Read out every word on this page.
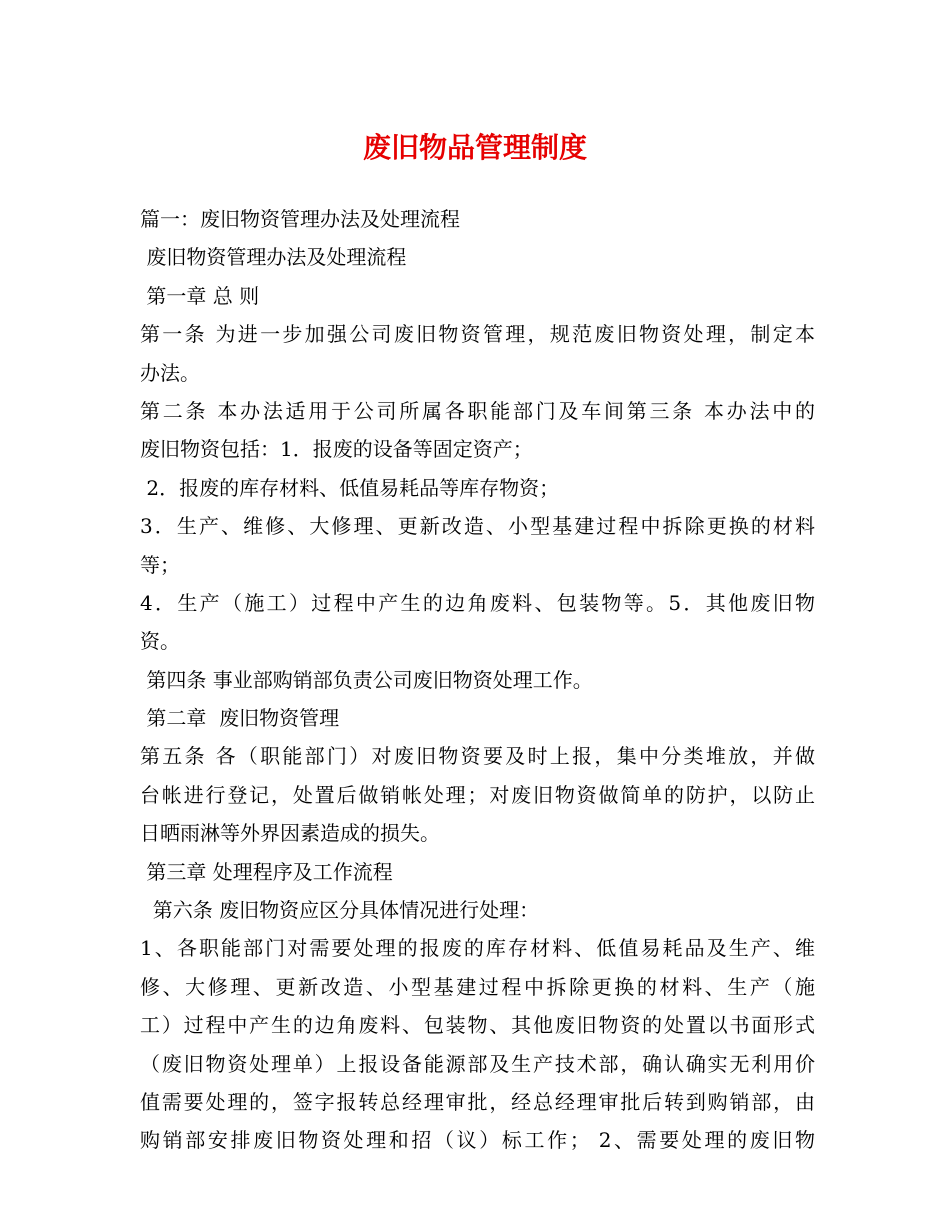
废旧物品管理制度
篇一：废旧物资管理办法及处理流程
废旧物资管理办法及处理流程
第一章 总 则
第一条 为进一步加强公司废旧物资管理，规范废旧物资处理，制定本
办法。
第二条 本办法适用于公司所属各职能部门及车间第三条 本办法中的
废旧物资包括：1．报废的设备等固定资产；
2．报废的库存材料、低值易耗品等库存物资；
3．生产、维修、大修理、更新改造、小型基建过程中拆除更换的材料
等；
4．生产（施工）过程中产生的边角废料、包装物等。5．其他废旧物
资。
第四条 事业部购销部负责公司废旧物资处理工作。
第二章  废旧物资管理
第五条 各（职能部门）对废旧物资要及时上报，集中分类堆放，并做
台帐进行登记，处置后做销帐处理；对废旧物资做简单的防护，以防止
日晒雨淋等外界因素造成的损失。
第三章 处理程序及工作流程
第六条 废旧物资应区分具体情况进行处理：
1、各职能部门对需要处理的报废的库存材料、低值易耗品及生产、维
修、大修理、更新改造、小型基建过程中拆除更换的材料、生产（施
工）过程中产生的边角废料、包装物、其他废旧物资的处置以书面形式
（废旧物资处理单）上报设备能源部及生产技术部，确认确实无利用价
值需要处理的，签字报转总经理审批，经总经理审批后转到购销部，由
购销部安排废旧物资处理和招（议）标工作； 2、需要处理的废旧物
